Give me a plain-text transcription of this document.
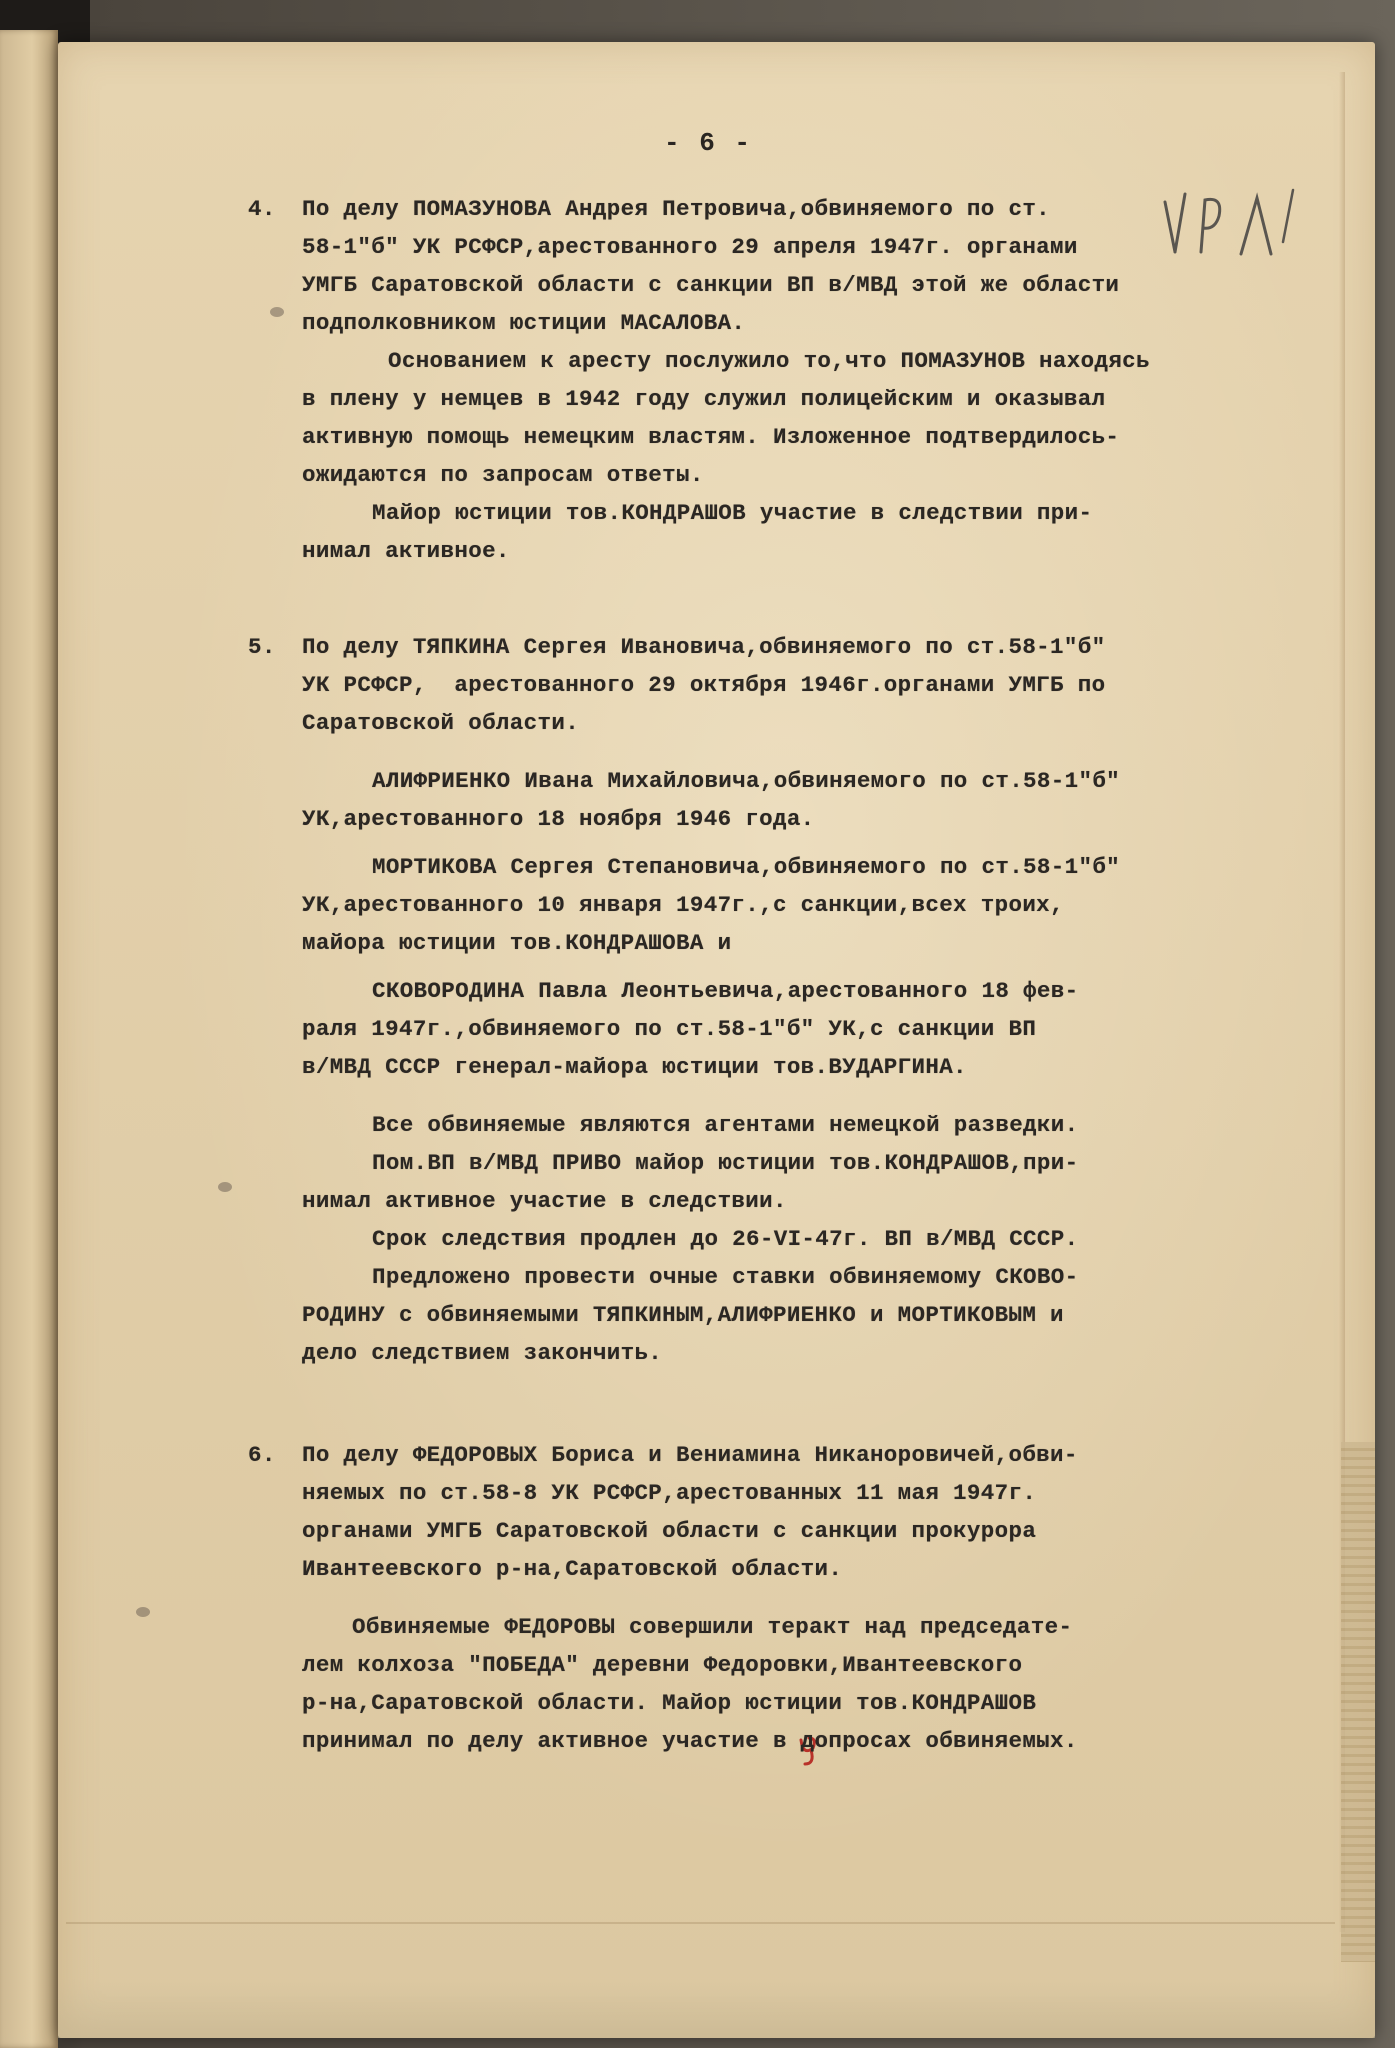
- 6 -
4. По делу ПОМАЗУНОВА Андрея Петровича,обвиняемого по ст.
58-1"б" УК РСФСР,арестованного 29 апреля 1947г. органами
УМГБ Саратовской области с санкции ВП в/МВД этой же области
подполковником юстиции МАСАЛОВА.
Основанием к аресту послужило то,что ПОМАЗУНОВ находясь
в плену у немцев в 1942 году служил полицейским и оказывал
активную помощь немецким властям. Изложенное подтвердилось-
ожидаются по запросам ответы.
Майор юстиции тов.КОНДРАШОВ участие в следствии при-
нимал активное.
5. По делу ТЯПКИНА Сергея Ивановича,обвиняемого по ст.58-1"б"
УК РСФСР,  арестованного 29 октября 1946г.органами УМГБ по
Саратовской области.
АЛИФРИЕНКО Ивана Михайловича,обвиняемого по ст.58-1"б"
УК,арестованного 18 ноября 1946 года.
МОРТИКОВА Сергея Степановича,обвиняемого по ст.58-1"б"
УК,арестованного 10 января 1947г.,с санкции,всех троих,
майора юстиции тов.КОНДРАШОВА и
СКОВОРОДИНА Павла Леонтьевича,арестованного 18 фев-
раля 1947г.,обвиняемого по ст.58-1"б" УК,с санкции ВП
в/МВД СССР генерал-майора юстиции тов.ВУДАРГИНА.
Все обвиняемые являются агентами немецкой разведки.
Пом.ВП в/МВД ПРИВО майор юстиции тов.КОНДРАШОВ,при-
нимал активное участие в следствии.
Срок следствия продлен до 26-VI-47г. ВП в/МВД СССР.
Предложено провести очные ставки обвиняемому СКОВО-
РОДИНУ с обвиняемыми ТЯПКИНЫМ,АЛИФРИЕНКО и МОРТИКОВЫМ и
дело следствием закончить.
6. По делу ФЕДОРОВЫХ Бориса и Вениамина Никаноровичей,обви-
няемых по ст.58-8 УК РСФСР,арестованных 11 мая 1947г.
органами УМГБ Саратовской области с санкции прокурора
Ивантеевского р-на,Саратовской области.
Обвиняемые ФЕДОРОВЫ совершили теракт над председате-
лем колхоза "ПОБЕДА" деревни Федоровки,Ивантеевского
р-на,Саратовской области. Майор юстиции тов.КОНДРАШОВ
принимал по делу активное участие в допросах обвиняемых.
